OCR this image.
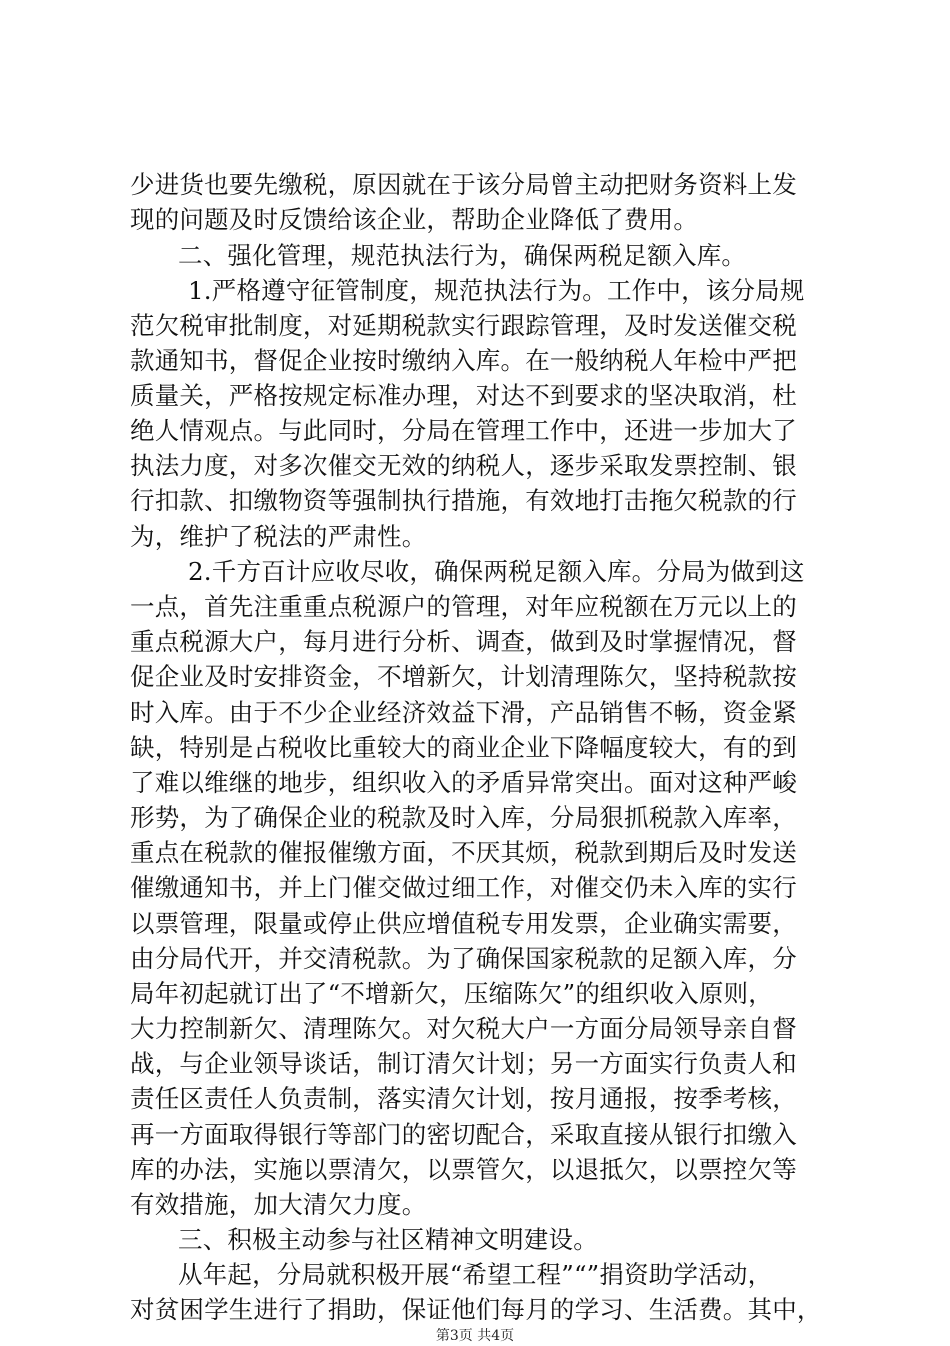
少进货也要先缴税，原因就在于该分局曾主动把财务资料上发
现的问题及时反馈给该企业，帮助企业降低了费用。
二、强化管理，规范执法行为，确保两税足额入库。
1.严格遵守征管制度，规范执法行为。工作中，该分局规
范欠税审批制度，对延期税款实行跟踪管理，及时发送催交税
款通知书，督促企业按时缴纳入库。在一般纳税人年检中严把
质量关，严格按规定标准办理，对达不到要求的坚决取消，杜
绝人情观点。与此同时，分局在管理工作中，还进一步加大了
执法力度，对多次催交无效的纳税人，逐步采取发票控制、银
行扣款、扣缴物资等强制执行措施，有效地打击拖欠税款的行
为，维护了税法的严肃性。
2.千方百计应收尽收，确保两税足额入库。分局为做到这
一点，首先注重重点税源户的管理，对年应税额在万元以上的
重点税源大户，每月进行分析、调查，做到及时掌握情况，督
促企业及时安排资金，不增新欠，计划清理陈欠，坚持税款按
时入库。由于不少企业经济效益下滑，产品销售不畅，资金紧
缺，特别是占税收比重较大的商业企业下降幅度较大，有的到
了难以维继的地步，组织收入的矛盾异常突出。面对这种严峻
形势，为了确保企业的税款及时入库，分局狠抓税款入库率，
重点在税款的催报催缴方面，不厌其烦，税款到期后及时发送
催缴通知书，并上门催交做过细工作，对催交仍未入库的实行
以票管理，限量或停止供应增值税专用发票，企业确实需要，
由分局代开，并交清税款。为了确保国家税款的足额入库，分
局年初起就订出了“不增新欠，压缩陈欠”的组织收入原则，
大力控制新欠、清理陈欠。对欠税大户一方面分局领导亲自督
战，与企业领导谈话，制订清欠计划；另一方面实行负责人和
责任区责任人负责制，落实清欠计划，按月通报，按季考核，
再一方面取得银行等部门的密切配合，采取直接从银行扣缴入
库的办法，实施以票清欠，以票管欠，以退抵欠，以票控欠等
有效措施，加大清欠力度。
三、积极主动参与社区精神文明建设。
从年起，分局就积极开展“希望工程”“”捐资助学活动，
对贫困学生进行了捐助，保证他们每月的学习、生活费。其中，
第3页 共4页
